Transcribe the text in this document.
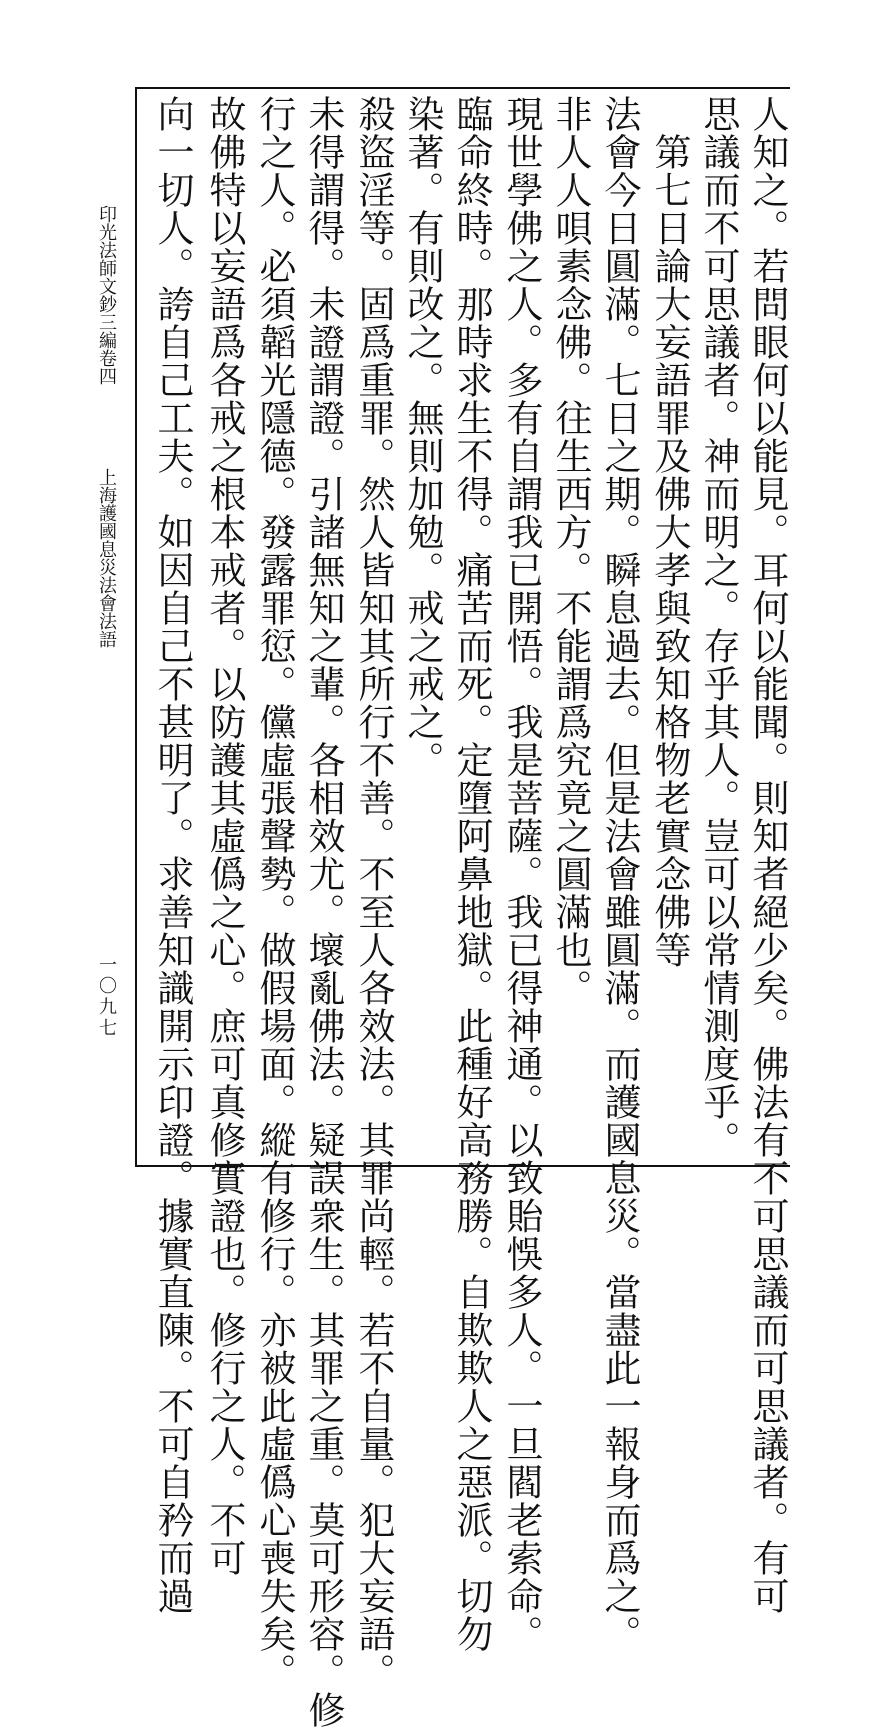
人知之。若問眼何以能見。耳何以能聞。則知者絕少矣。佛法有不可思議而可思議者。有可
思議而不可思議者。神而明之。存乎其人。豈可以常情測度乎。
　第七日論大妄語罪及佛大孝與致知格物老實念佛等
法會今日圓滿。七日之期。瞬息過去。但是法會雖圓滿。而護國息災。當盡此一報身而爲之。
非人人唄素念佛。往生西方。不能謂爲究竟之圓滿也。
現世學佛之人。多有自謂我已開悟。我是菩薩。我已得神通。以致貽悞多人。一旦閻老索命。
臨命終時。那時求生不得。痛苦而死。定墮阿鼻地獄。此種好高務勝。自欺欺人之惡派。切勿
染著。有則改之。無則加勉。戒之戒之。
殺盜淫等。固爲重罪。然人皆知其所行不善。不至人各效法。其罪尚輕。若不自量。犯大妄語。
未得謂得。未證謂證。引諸無知之輩。各相效尤。壞亂佛法。疑誤衆生。其罪之重。莫可形容。修
行之人。必須韜光隱德。發露罪愆。儻虛張聲勢。做假場面。縱有修行。亦被此虛僞心喪失矣。
故佛特以妄語爲各戒之根本戒者。以防護其虛僞之心。庶可真修實證也。修行之人。不可
向一切人。誇自己工夫。如因自己不甚明了。求善知識開示印證。據實直陳。不可自矜而過
印光法師文鈔三編卷四
上海護國息災法會法語
一〇九七
